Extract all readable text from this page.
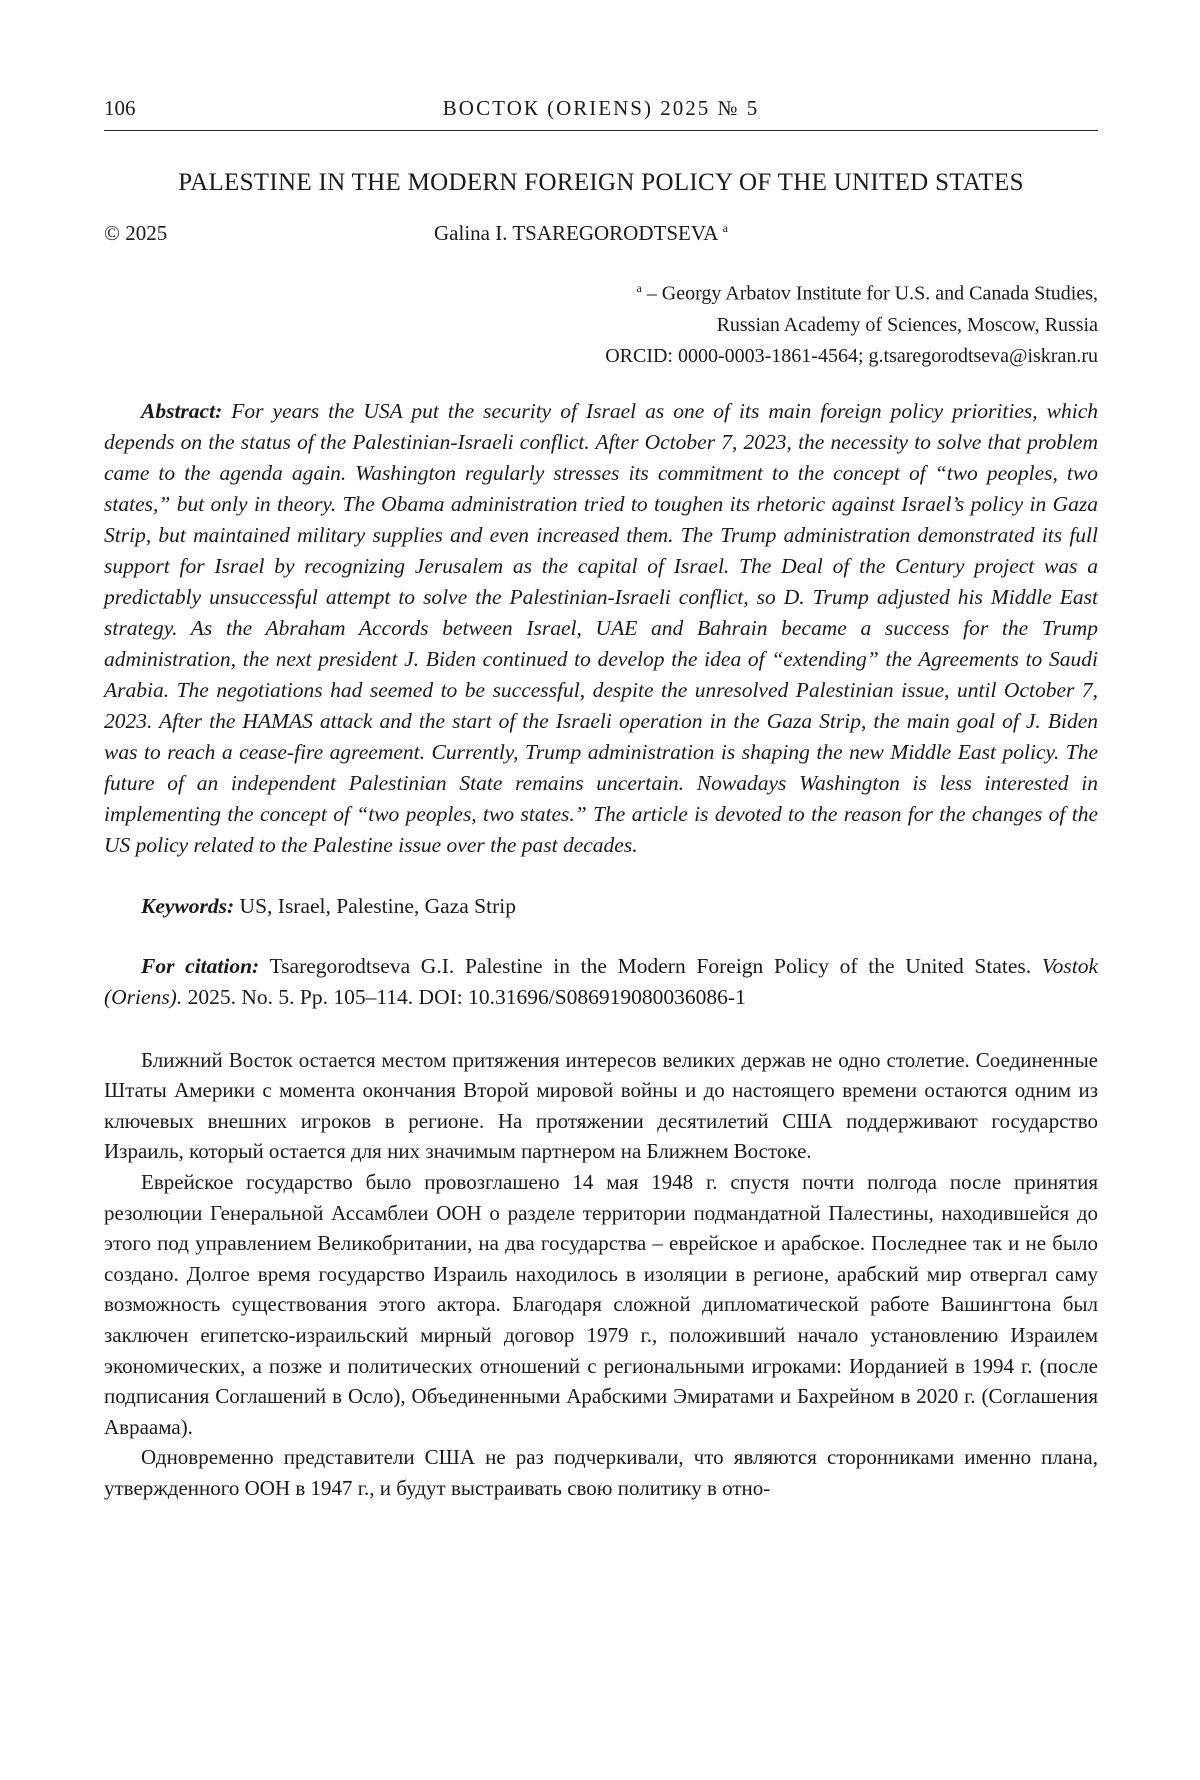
106	ВОСТОК (ORIENS) 2025 № 5
PALESTINE IN THE MODERN FOREIGN POLICY OF THE UNITED STATES
© 2025	Galina I. TSAREGORODTSEVA $^a$
$^a$ – Georgy Arbatov Institute for U.S. and Canada Studies,
Russian Academy of Sciences, Moscow, Russia
ORCID: 0000-0003-1861-4564; g.tsaregorodtseva@iskran.ru
Abstract: For years the USA put the security of Israel as one of its main foreign policy priorities, which depends on the status of the Palestinian-Israeli conflict. After October 7, 2023, the necessity to solve that problem came to the agenda again. Washington regularly stresses its commitment to the concept of “two peoples, two states,” but only in theory. The Obama administration tried to toughen its rhetoric against Israel’s policy in Gaza Strip, but maintained military supplies and even increased them. The Trump administration demonstrated its full support for Israel by recognizing Jerusalem as the capital of Israel. The Deal of the Century project was a predictably unsuccessful attempt to solve the Palestinian-Israeli conflict, so D. Trump adjusted his Middle East strategy. As the Abraham Accords between Israel, UAE and Bahrain became a success for the Trump administration, the next president J. Biden continued to develop the idea of “extending” the Agreements to Saudi Arabia. The negotiations had seemed to be successful, despite the unresolved Palestinian issue, until October 7, 2023. After the HAMAS attack and the start of the Israeli operation in the Gaza Strip, the main goal of J. Biden was to reach a cease-fire agreement. Currently, Trump administration is shaping the new Middle East policy. The future of an independent Palestinian State remains uncertain. Nowadays Washington is less interested in implementing the concept of “two peoples, two states.” The article is devoted to the reason for the changes of the US policy related to the Palestine issue over the past decades.
Keywords: US, Israel, Palestine, Gaza Strip
For citation: Tsaregorodtseva G.I. Palestine in the Modern Foreign Policy of the United States. Vostok (Oriens). 2025. No. 5. Pp. 105–114. DOI: 10.31696/S086919080036086-1

Ближний Восток остается местом притяжения интересов великих держав не одно столетие. Соединенные Штаты Америки с момента окончания Второй мировой войны и до настоящего времени остаются одним из ключевых внешних игроков в регионе. На протяжении десятилетий США поддерживают государство Израиль, который остается для них значимым партнером на Ближнем Востоке.

Еврейское государство было провозглашено 14 мая 1948 г. спустя почти полгода после принятия резолюции Генеральной Ассамблеи ООН о разделе территории подмандатной Палестины, находившейся до этого под управлением Великобритании, на два государства – еврейское и арабское. Последнее так и не было создано. Долгое время государство Израиль находилось в изоляции в регионе, арабский мир отвергал саму возможность существования этого актора. Благодаря сложной дипломатической работе Вашингтона был заключен египетско-израильский мирный договор 1979 г., положивший начало установлению Израилем экономических, а позже и политических отношений с региональными игроками: Иорданией в 1994 г. (после подписания Соглашений в Осло), Объединенными Арабскими Эмиратами и Бахрейном в 2020 г. (Соглашения Авраама).

Одновременно представители США не раз подчеркивали, что являются сторонниками именно плана, утвержденного ООН в 1947 г., и будут выстраивать свою политику в отно-
